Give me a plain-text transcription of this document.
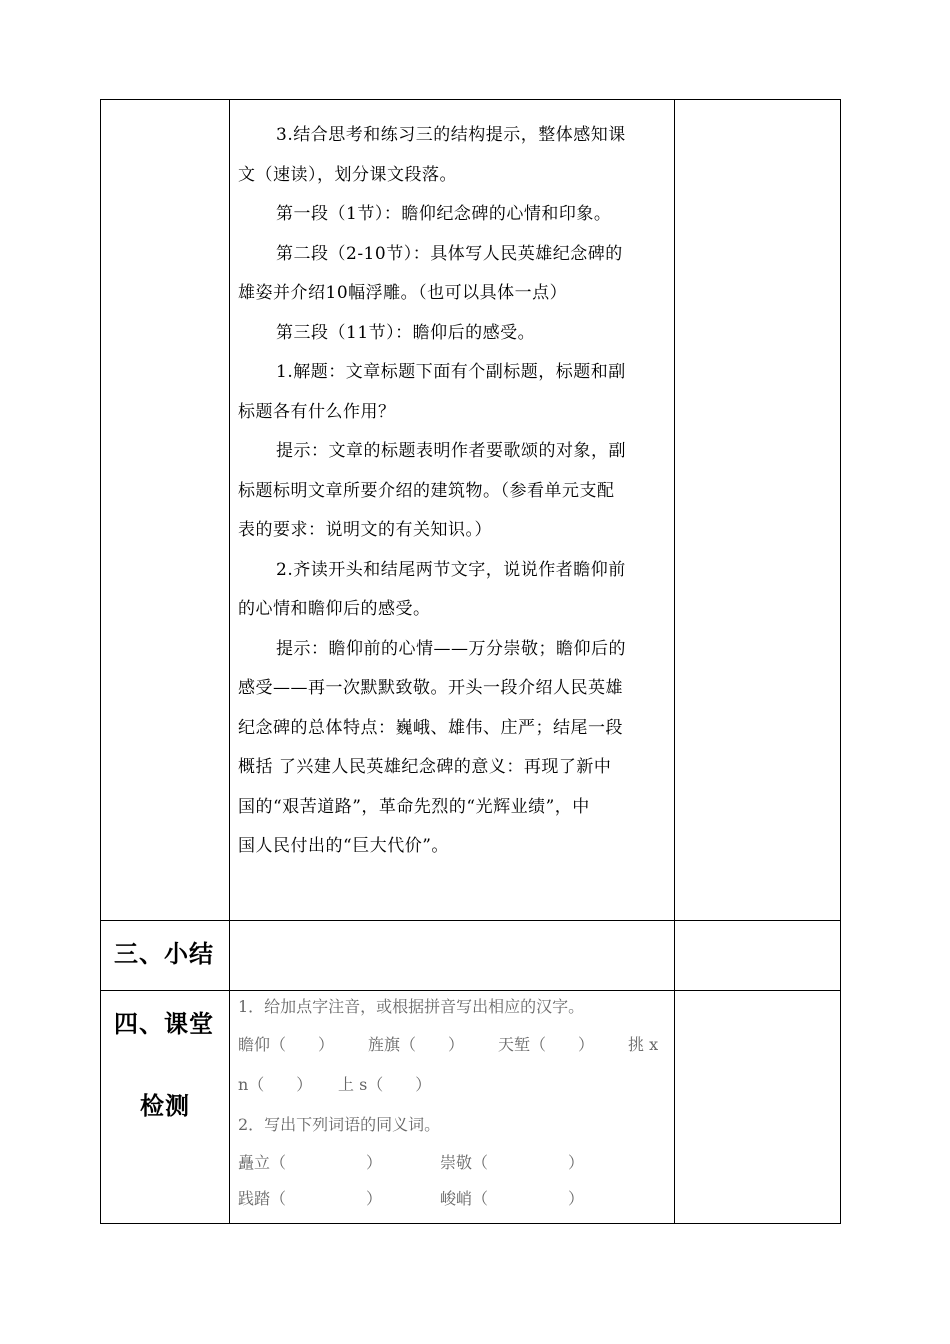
3.结合思考和练习三的结构提示，整体感知课
文（速读），划分课文段落。
第一段（1节）：瞻仰纪念碑的心情和印象。
第二段（2-10节）：具体写人民英雄纪念碑的
雄姿并介绍10幅浮雕。（也可以具体一点）
第三段（11节）：瞻仰后的感受。
1.解题：文章标题下面有个副标题，标题和副
标题各有什么作用？
提示：文章的标题表明作者要歌颂的对象，副
标题标明文章所要介绍的建筑物。（参看单元支配
表的要求：说明文的有关知识。）
2.齐读开头和结尾两节文字，说说作者瞻仰前
的心情和瞻仰后的感受。
提示：瞻仰前的心情——万分崇敬；瞻仰后的
感受——再一次默默致敬。开头一段介绍人民英雄
纪念碑的总体特点：巍峨、雄伟、庄严；结尾一段
概括 了兴建人民英雄纪念碑的意义：再现了新中
国的“艰苦道路”，革命先烈的“光辉业绩”，中
国人民付出的“巨大代价”。
三、小结
四、课堂
检测
1．给加点字注音，或根据拼音写出相应的汉字。
瞻仰（　　） 旌旗（　　） 天堑（　　） 挑 x
n（　　） 上 s（　　）
2．写出下列词语的同义词。
矗立（　　　　　）	崇敬（　　　　　）
践踏（　　　　　）	峻峭（　　　　　）
